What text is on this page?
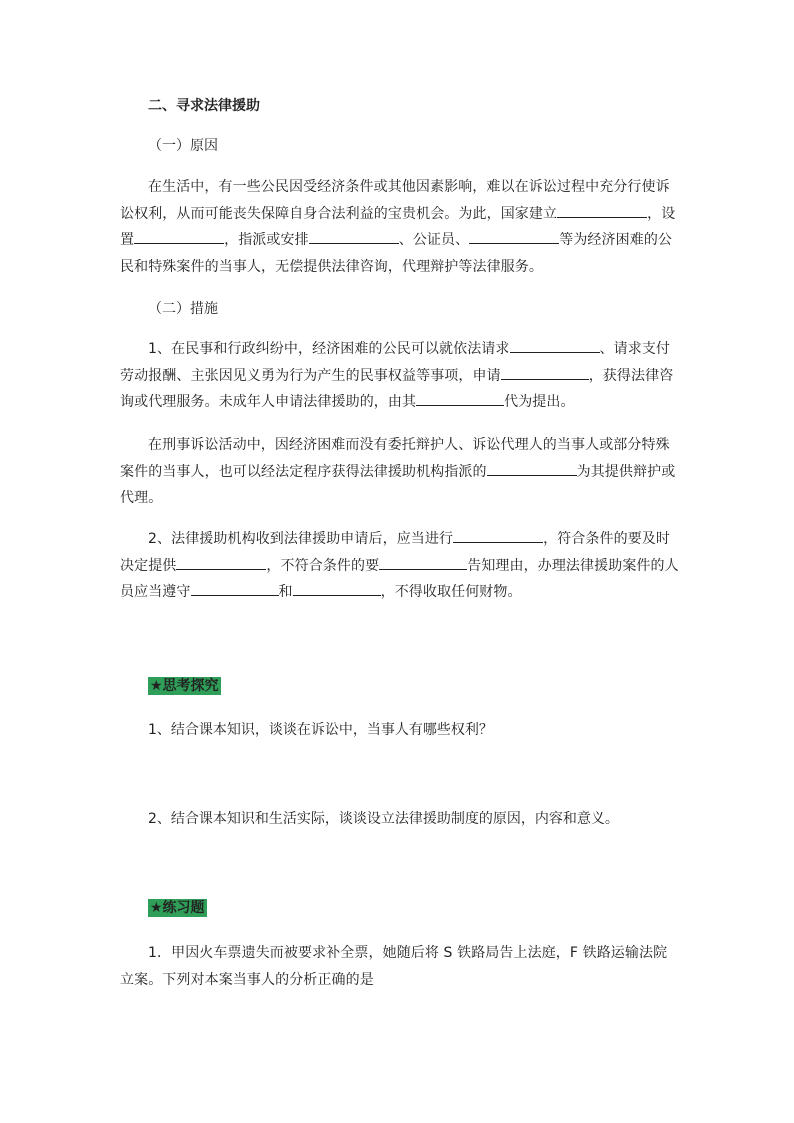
二、寻求法律援助

（一）原因

在生活中，有一些公民因受经济条件或其他因素影响，难以在诉讼过程中充分行使诉讼权利，从而可能丧失保障自身合法利益的宝贵机会。为此，国家建立	，设置	，指派或安排	、公证员、	等为经济困难的公民和特殊案件的当事人，无偿提供法律咨询，代理辩护等法律服务。

（二）措施

1、在民事和行政纠纷中，经济困难的公民可以就依法请求	、请求支付劳动报酬、主张因见义勇为行为产生的民事权益等事项，申请	，获得法律咨询或代理服务。未成年人申请法律援助的，由其	代为提出。

在刑事诉讼活动中，因经济困难而没有委托辩护人、诉讼代理人的当事人或部分特殊案件的当事人，也可以经法定程序获得法律援助机构指派的	为其提供辩护或代理。

2、法律援助机构收到法律援助申请后，应当进行	，符合条件的要及时决定提供	，不符合条件的要	告知理由，办理法律援助案件的人员应当遵守	和	，不得收取任何财物。

★思考探究

1、结合课本知识，谈谈在诉讼中，当事人有哪些权利？

2、结合课本知识和生活实际，谈谈设立法律援助制度的原因，内容和意义。

★练习题

1．甲因火车票遗失而被要求补全票，她随后将 S 铁路局告上法庭，F 铁路运输法院立案。下列对本案当事人的分析正确的是
